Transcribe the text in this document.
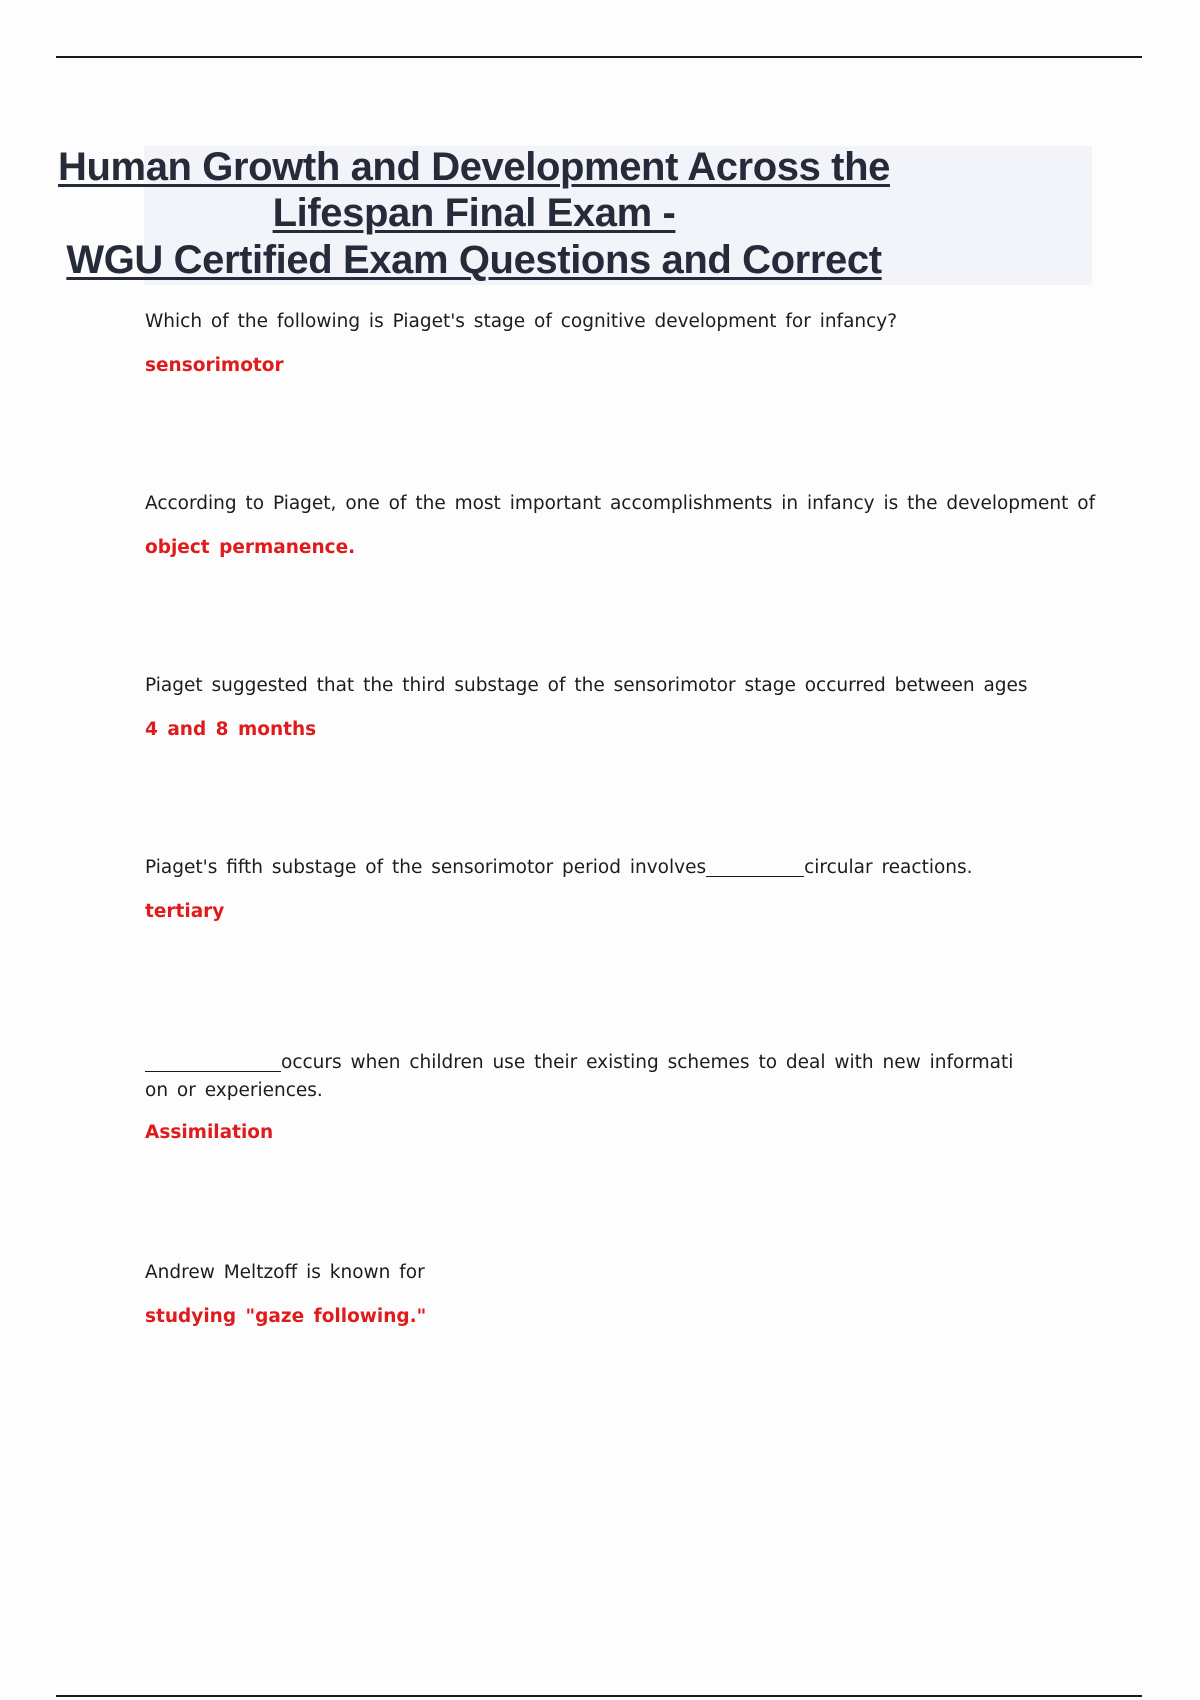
Human Growth and Development Across the
Lifespan Final Exam -
WGU Certified Exam Questions and Correct
Which of the following is Piaget's stage of cognitive development for infancy?
sensorimotor
According to Piaget, one of the most important accomplishments in infancy is the development of
object permanence.
Piaget suggested that the third substage of the sensorimotor stage occurred between ages
4 and 8 months
Piaget's fifth substage of the sensorimotor period involves	circular reactions.
tertiary
occurs when children use their existing schemes to deal with new informati
on or experiences.
Assimilation
Andrew Meltzoff is known for
studying "gaze following."
